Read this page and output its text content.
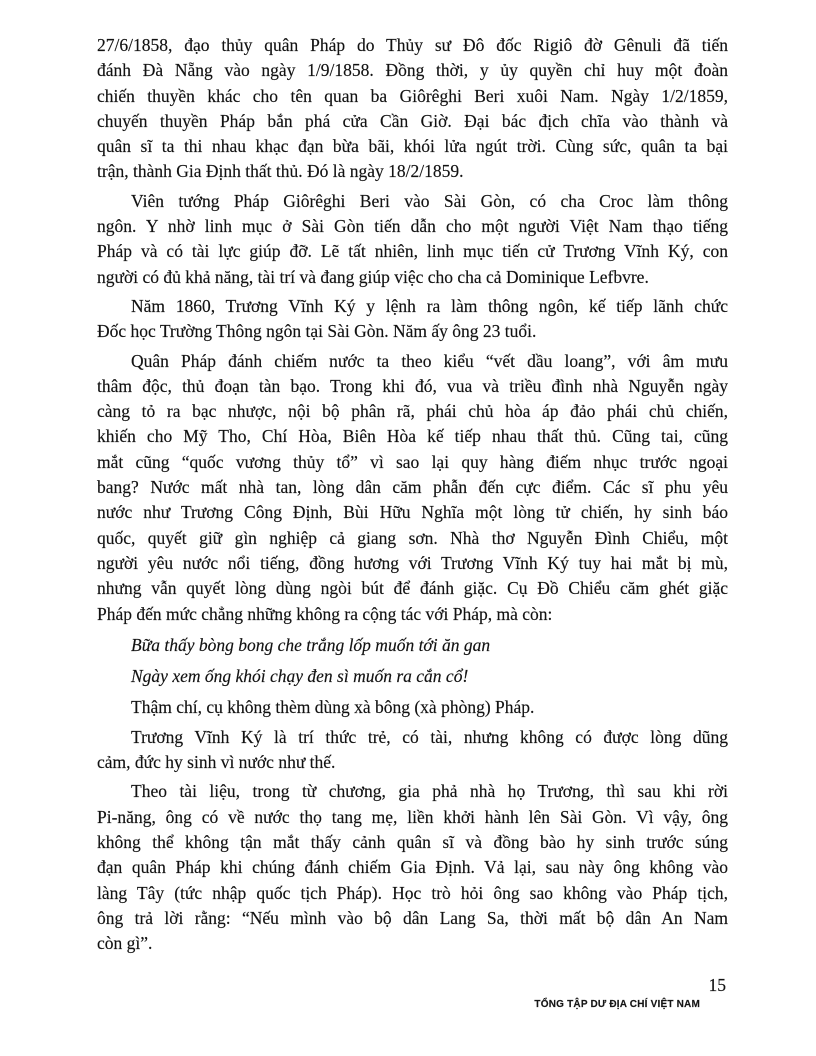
27/6/1858, đạo thủy quân Pháp do Thủy sư Đô đốc Rigiô đờ Gênuli đã tiến
đánh Đà Nẵng vào ngày 1/9/1858. Đồng thời, y ủy quyền chỉ huy một đoàn
chiến thuyền khác cho tên quan ba Giôrêghi Beri xuôi Nam. Ngày 1/2/1859,
chuyến thuyền Pháp bắn phá cửa Cần Giờ. Đại bác địch chĩa vào thành và
quân sĩ ta thi nhau khạc đạn bừa bãi, khói lửa ngút trời. Cùng sức, quân ta bại
trận, thành Gia Định thất thủ. Đó là ngày 18/2/1859.
Viên tướng Pháp Giôrêghi Beri vào Sài Gòn, có cha Croc làm thông
ngôn. Y nhờ linh mục ở Sài Gòn tiến dẫn cho một người Việt Nam thạo tiếng
Pháp và có tài lực giúp đỡ. Lẽ tất nhiên, linh mục tiến cử Trương Vĩnh Ký, con
người có đủ khả năng, tài trí và đang giúp việc cho cha cả Dominique Lefbvre.
Năm 1860, Trương Vĩnh Ký y lệnh ra làm thông ngôn, kế tiếp lãnh chức
Đốc học Trường Thông ngôn tại Sài Gòn. Năm ấy ông 23 tuổi.
Quân Pháp đánh chiếm nước ta theo kiểu “vết dầu loang”, với âm mưu
thâm độc, thủ đoạn tàn bạo. Trong khi đó, vua và triều đình nhà Nguyễn ngày
càng tỏ ra bạc nhược, nội bộ phân rã, phái chủ hòa áp đảo phái chủ chiến,
khiến cho Mỹ Tho, Chí Hòa, Biên Hòa kế tiếp nhau thất thủ. Cũng tai, cũng
mắt cũng “quốc vương thủy tổ” vì sao lại quy hàng điếm nhục trước ngoại
bang? Nước mất nhà tan, lòng dân căm phẫn đến cực điểm. Các sĩ phu yêu
nước như Trương Công Định, Bùi Hữu Nghĩa một lòng tử chiến, hy sinh báo
quốc, quyết giữ gìn nghiệp cả giang sơn. Nhà thơ Nguyễn Đình Chiểu, một
người yêu nước nổi tiếng, đồng hương với Trương Vĩnh Ký tuy hai mắt bị mù,
nhưng vẫn quyết lòng dùng ngòi bút để đánh giặc. Cụ Đồ Chiểu căm ghét giặc
Pháp đến mức chẳng những không ra cộng tác với Pháp, mà còn:
Bữa thấy bòng bong che trắng lốp muốn tới ăn gan
Ngày xem ống khói chạy đen sì muốn ra cắn cổ!
Thậm chí, cụ không thèm dùng xà bông (xà phòng) Pháp.
Trương Vĩnh Ký là trí thức trẻ, có tài, nhưng không có được lòng dũng
cảm, đức hy sinh vì nước như thế.
Theo tài liệu, trong từ chương, gia phả nhà họ Trương, thì sau khi rời
Pi-năng, ông có về nước thọ tang mẹ, liền khởi hành lên Sài Gòn. Vì vậy, ông
không thể không tận mắt thấy cảnh quân sĩ và đồng bào hy sinh trước súng
đạn quân Pháp khi chúng đánh chiếm Gia Định. Vả lại, sau này ông không vào
làng Tây (tức nhập quốc tịch Pháp). Học trò hỏi ông sao không vào Pháp tịch,
ông trả lời rằng: “Nếu mình vào bộ dân Lang Sa, thời mất bộ dân An Nam
còn gì”.
15
TỔNG TẬP DƯ ĐỊA CHÍ VIỆT NAM
